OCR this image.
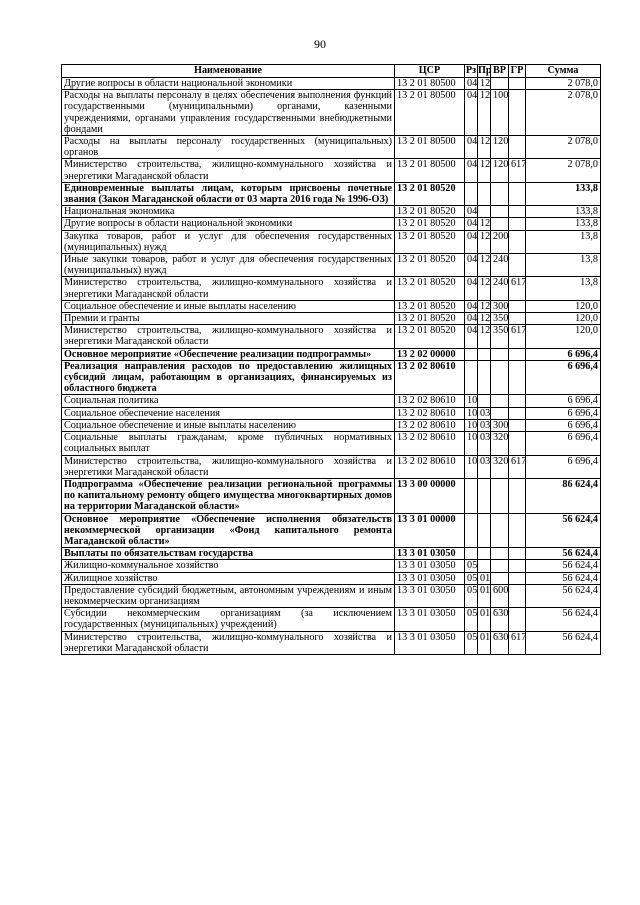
90
Наименование	ЦСР	Рз	Пр	ВР	ГР	Сумма
Другие вопросы в области национальной экономики	13 2 01 80500	04	12			2 078,0
Расходы на выплаты персоналу в целях обеспечения выполнения функций государственными (муниципальными) органами, казенными учреждениями, органами управления государственными внебюджетными фондами	13 2 01 80500	04	12	100		2 078,0
Расходы на выплаты персоналу государственных (муниципальных) органов	13 2 01 80500	04	12	120		2 078,0
Министерство строительства, жилищно-коммунального хозяйства и энергетики Магаданской области	13 2 01 80500	04	12	120	617	2 078,0
Единовременные выплаты лицам, которым присвоены почетные звания (Закон Магаданской области от 03 марта 2016 года № 1996-ОЗ)	13 2 01 80520					133,8
Национальная экономика	13 2 01 80520	04				133,8
Другие вопросы в области национальной экономики	13 2 01 80520	04	12			133,8
Закупка товаров, работ и услуг для обеспечения государственных (муниципальных) нужд	13 2 01 80520	04	12	200		13,8
Иные закупки товаров, работ и услуг для обеспечения государственных (муниципальных) нужд	13 2 01 80520	04	12	240		13,8
Министерство строительства, жилищно-коммунального хозяйства и энергетики Магаданской области	13 2 01 80520	04	12	240	617	13,8
Социальное обеспечение и иные выплаты населению	13 2 01 80520	04	12	300		120,0
Премии и гранты	13 2 01 80520	04	12	350		120,0
Министерство строительства, жилищно-коммунального хозяйства и энергетики Магаданской области	13 2 01 80520	04	12	350	617	120,0
Основное мероприятие «Обеспечение реализации подпрограммы»	13 2 02 00000					6 696,4
Реализация направления расходов по предоставлению жилищных субсидий лицам, работающим в организациях, финансируемых из областного бюджета	13 2 02 80610					6 696,4
Социальная политика	13 2 02 80610	10				6 696,4
Социальное обеспечение населения	13 2 02 80610	10	03			6 696,4
Социальное обеспечение и иные выплаты населению	13 2 02 80610	10	03	300		6 696,4
Социальные выплаты гражданам, кроме публичных нормативных социальных выплат	13 2 02 80610	10	03	320		6 696,4
Министерство строительства, жилищно-коммунального хозяйства и энергетики Магаданской области	13 2 02 80610	10	03	320	617	6 696,4
Подпрограмма «Обеспечение реализации региональной программы по капитальному ремонту общего имущества многоквартирных домов на территории Магаданской области»	13 3 00 00000					86 624,4
Основное мероприятие «Обеспечение исполнения обязательств некоммерческой организации «Фонд капитального ремонта Магаданской области»	13 3 01 00000					56 624,4
Выплаты по обязательствам государства	13 3 01 03050					56 624,4
Жилищно-коммунальное хозяйство	13 3 01 03050	05				56 624,4
Жилищное хозяйство	13 3 01 03050	05	01			56 624,4
Предоставление субсидий бюджетным, автономным учреждениям и иным некоммерческим организациям	13 3 01 03050	05	01	600		56 624,4
Субсидии некоммерческим организациям (за исключением государственных (муниципальных) учреждений)	13 3 01 03050	05	01	630		56 624,4
Министерство строительства, жилищно-коммунального хозяйства и энергетики Магаданской области	13 3 01 03050	05	01	630	617	56 624,4
